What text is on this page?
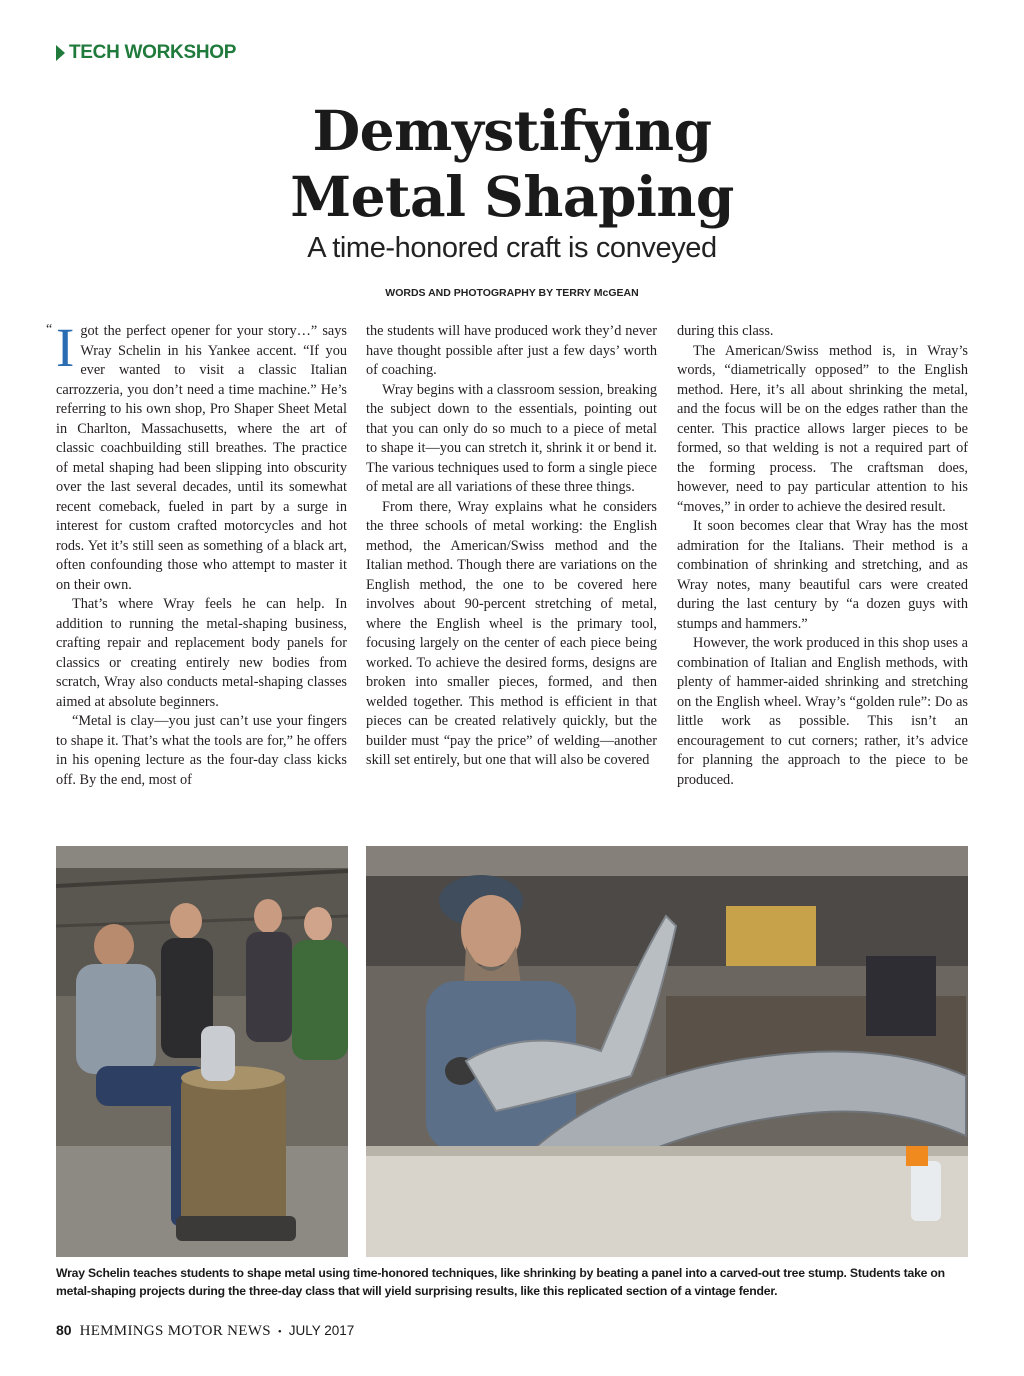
TECH WORKSHOP
Demystifying
Metal Shaping
A time-honored craft is conveyed
WORDS AND PHOTOGRAPHY BY TERRY McGEAN

Igot the perfect opener for your story…” says Wray Schelin in his Yankee accent. “If you ever wanted to visit a classic Italian carrozzeria, you don’t need a time machine.” He’s referring to his own shop, Pro Shaper Sheet Metal in Charlton, Massachusetts, where the art of classic coachbuilding still breathes. The practice of metal shaping had been slipping into obscurity over the last several decades, until its somewhat recent comeback, fueled in part by a surge in interest for custom crafted motorcycles and hot rods. Yet it’s still seen as something of a black art, often confounding those who attempt to master it on their own.

That’s where Wray feels he can help. In addition to running the metal-shaping business, crafting repair and replacement body panels for classics or creating entirely new bodies from scratch, Wray also conducts metal-shaping classes aimed at absolute beginners.

“Metal is clay—you just can’t use your fingers to shape it. That’s what the tools are for,” he offers in his opening lecture as the four-day class kicks off. By the end, most of

“	the students will have produced work they’d never have thought possible after just a few days’ worth of coaching.

Wray begins with a classroom session, breaking the subject down to the essentials, pointing out that you can only do so much to a piece of metal to shape it—you can stretch it, shrink it or bend it. The various techniques used to form a single piece of metal are all variations of these three things.

From there, Wray explains what he considers the three schools of metal working: the English method, the American/Swiss method and the Italian method. Though there are variations on the English method, the one to be covered here involves about 90-percent stretching of metal, where the English wheel is the primary tool, focusing largely on the center of each piece being worked. To achieve the desired forms, designs are broken into smaller pieces, formed, and then welded together. This method is efficient in that pieces can be created relatively quickly, but the builder must “pay the price” of welding—another skill set entirely, but one that will also be covered

during this class.

The American/Swiss method is, in Wray’s words, “diametrically opposed” to the English method. Here, it’s all about shrinking the metal, and the focus will be on the edges rather than the center. This practice allows larger pieces to be formed, so that welding is not a required part of the forming process. The craftsman does, however, need to pay particular attention to his “moves,” in order to achieve the desired result.

It soon becomes clear that Wray has the most admiration for the Italians. Their method is a combination of shrinking and stretching, and as Wray notes, many beautiful cars were created during the last century by “a dozen guys with stumps and hammers.”

However, the work produced in this shop uses a combination of Italian and English methods, with plenty of hammer-aided shrinking and stretching on the English wheel. Wray’s “golden rule”: Do as little work as possible. This isn’t an encouragement to cut corners; rather, it’s advice for planning the approach to the piece to be produced.

Wray Schelin teaches students to shape metal using time-honored techniques, like shrinking by beating a panel into a carved-out tree stump. Students take on metal-shaping projects during the three-day class that will yield surprising results, like this replicated section of a vintage fender.
80 HEMMINGS MOTOR NEWS • JULY 2017
